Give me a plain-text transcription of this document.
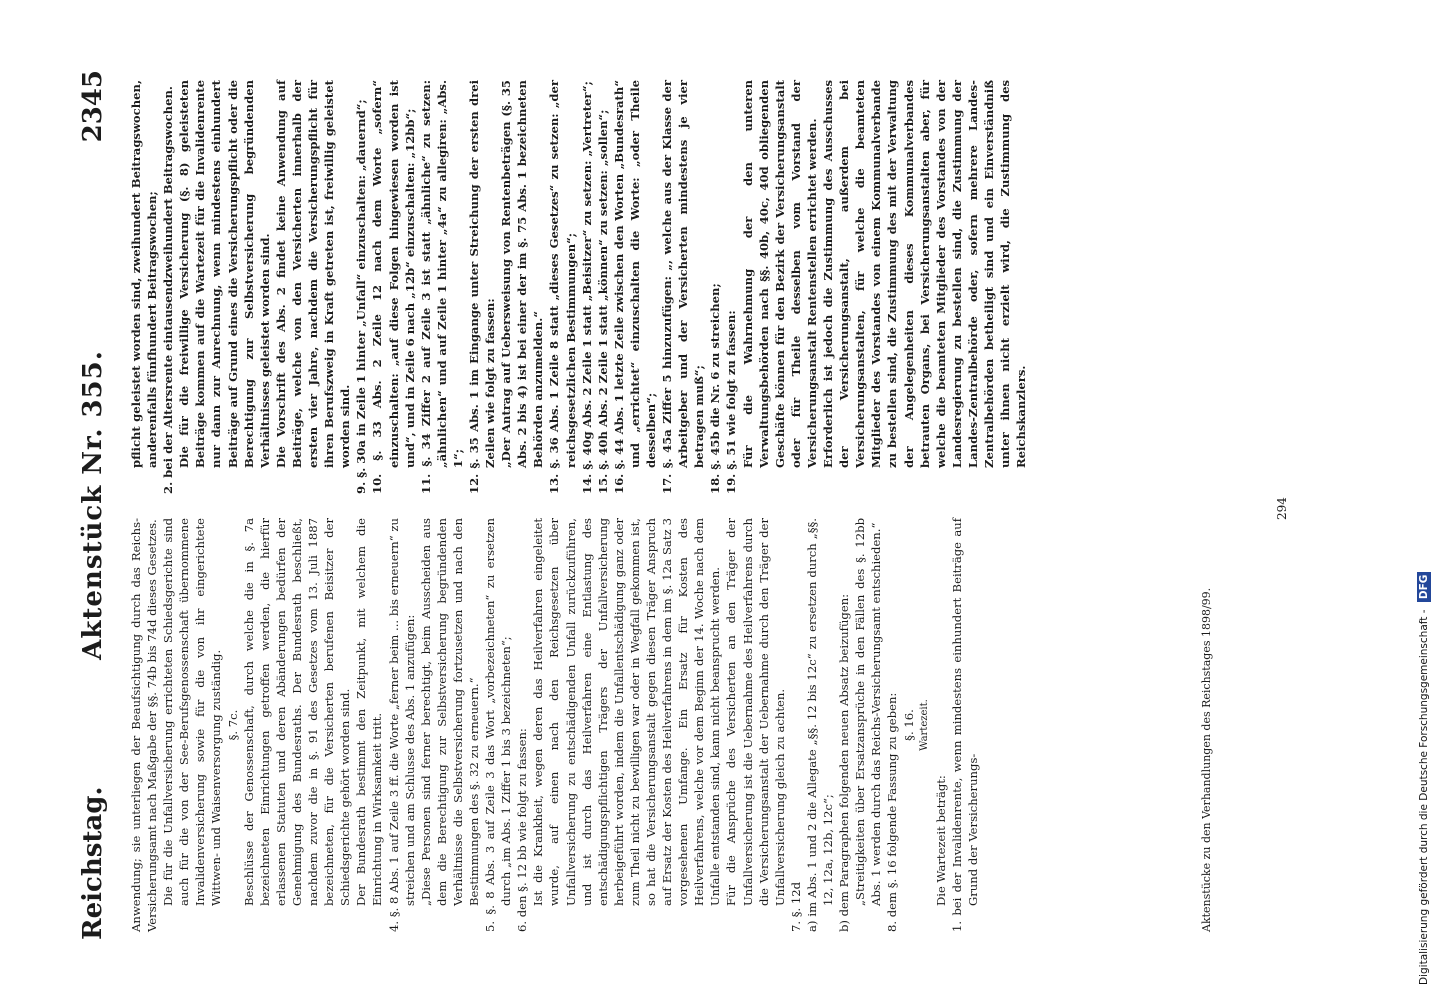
Reichstag.
Aktenstück Nr. 355.
2345

Anwendung; sie unterliegen der Beaufsichtigung durch das Reichs-Versicherungsamt nach Maßgabe der §§. 74b bis 74d dieses Gesetzes. Die für die Unfallversicherung errichteten Schiedsgerichte sind auch für die von der See-Berufsgenossenschaft übernommene Invalidenversicherung sowie für die von ihr eingerichtete Wittwen- und Waisenversorgung zuständig. §. 7c. Beschlüsse der Genossenschaft, durch welche die in §. 7a bezeichneten Einrichtungen getroffen werden, die hierfür erlassenen Statuten und deren Abänderungen bedürfen der Genehmigung des Bundesraths. Der Bundesrath beschließt, nachdem zuvor die in §. 91 des Gesetzes vom 13. Juli 1887 bezeichneten, für die Versicherten berufenen Beisitzer der Schiedsgerichte gehört worden sind. Der Bundesrath bestimmt den Zeitpunkt, mit welchem die Einrichtung in Wirksamkeit tritt. 4. §. 8 Abs. 1 auf Zeile 3 ff. die Worte „ferner beim ... bis erneuern“ zu streichen und am Schlusse des Abs. 1 anzufügen: „Diese Personen sind ferner berechtigt, beim Ausscheiden aus dem die Berechtigung zur Selbstversicherung begründenden Verhältnisse die Selbstversicherung fortzusetzen und nach den Bestimmungen des §. 32 zu erneuern.“ 5. §. 8 Abs. 3 auf Zeile 3 das Wort „vorbezeichneten“ zu ersetzen durch „im Abs. 1 Ziffer 1 bis 3 bezeichneten“; 6. den §. 12 bb wie folgt zu fassen: Ist die Krankheit, wegen deren das Heilverfahren eingeleitet wurde, auf einen nach den Reichsgesetzen über Unfallversicherung zu entschädigenden Unfall zurückzuführen, und ist durch das Heilverfahren eine Entlastung des entschädigungspflichtigen Trägers der Unfallversicherung herbeigeführt worden, indem die Unfallentschädigung ganz oder zum Theil nicht zu bewilligen war oder in Wegfall gekommen ist, so hat die Versicherungsanstalt gegen diesen Träger Anspruch auf Ersatz der Kosten des Heilverfahrens in dem im §. 12a Satz 3 vorgesehenen Umfange. Ein Ersatz für Kosten des Heilverfahrens, welche vor dem Beginn der 14. Woche nach dem Unfalle entstanden sind, kann nicht beansprucht werden. Für die Ansprüche des Versicherten an den Träger der Unfallversicherung ist die Uebernahme des Heilverfahrens durch die Versicherungsanstalt der Uebernahme durch den Träger der Unfallversicherung gleich zu achten.

7. §. 12d a) im Abs. 1 und 2 die Allegate „§§. 12 bis 12c“ zu ersetzen durch „§§. 12, 12a, 12b, 12c“; b) dem Paragraphen folgenden neuen Absatz beizufügen: „Streitigkeiten über Ersatzansprüche in den Fällen des §. 12bb Abs. 1 werden durch das Reichs-Versicherungsamt entschieden.“ 8. dem §. 16 folgende Fassung zu geben: §. 16. Wartezeit.

Die Wartezeit beträgt: 1. bei der Invalidenrente, wenn mindestens einhundert Beiträge auf Grund der Versicherungs-

pflicht geleistet worden sind, zweihundert Beitragswochen, anderenfalls fünfhundert Beitragswochen; 2. bei der Altersrente eintausendzweihundert Beitragswochen. Die für die freiwillige Versicherung (§. 8) geleisteten Beiträge kommen auf die Wartezeit für die Invalidenrente nur dann zur Anrechnung, wenn mindestens einhundert Beiträge auf Grund eines die Versicherungspflicht oder die Berechtigung zur Selbstversicherung begründenden Verhältnisses geleistet worden sind. Die Vorschrift des Abs. 2 findet keine Anwendung auf Beiträge, welche von den Versicherten innerhalb der ersten vier Jahre, nachdem die Versicherungspflicht für ihren Berufszweig in Kraft getreten ist, freiwillig geleistet worden sind. 9. §. 30a in Zeile 1 hinter „Unfall“ einzuschalten: „dauernd“; 10. §. 33 Abs. 2 Zeile 12 nach dem Worte „sofern“ einzuschalten: „auf diese Folgen hingewiesen worden ist und“, und in Zeile 6 nach „12b“ einzuschalten: „12bb“; 11. §. 34 Ziffer 2 auf Zeile 3 ist statt „ähnliche“ zu setzen: „ähnlichen“ und auf Zeile 1 hinter „4a“ zu allegiren: „Abs. 1“; 12. §. 35 Abs. 1 im Eingange unter Streichung der ersten drei Zeilen wie folgt zu fassen: „Der Antrag auf Uebersweisung von Rentenbeträgen (§. 35 Abs. 2 bis 4) ist bei einer der im §. 75 Abs. 1 bezeichneten Behörden anzumelden.“ 13. §. 36 Abs. 1 Zeile 8 statt „dieses Gesetzes“ zu setzen: „der reichsgesetzlichen Bestimmungen“; 14. §. 40g Abs. 2 Zeile 1 statt „Beisitzer“ zu setzen: „Vertreter“; 15. §. 40h Abs. 2 Zeile 1 statt „können“ zu setzen: „sollen“; 16. §. 44 Abs. 1 letzte Zeile zwischen den Worten „Bundesrath“ und „errichtet“ einzuschalten die Worte: „oder Theile desselben“; 17. §. 45a Ziffer 5 hinzuzufügen: „, welche aus der Klasse der Arbeitgeber und der Versicherten mindestens je vier betragen muß“; 18. §. 45b die Nr. 6 zu streichen; 19. §. 51 wie folgt zu fassen: Für die Wahrnehmung der den unteren Verwaltungsbehörden nach §§. 40b, 40c, 40d obliegenden Geschäfte können für den Bezirk der Versicherungsanstalt oder für Theile desselben vom Vorstand der Versicherungsanstalt Rentenstellen errichtet werden. Erforderlich ist jedoch die Zustimmung des Ausschusses der Versicherungsanstalt, außerdem bei Versicherungsanstalten, für welche die beamteten Mitglieder des Vorstandes von einem Kommunalverbande zu bestellen sind, die Zustimmung des mit der Verwaltung der Angelegenheiten dieses Kommunalverbandes betrauten Organs, bei Versicherungsanstalten aber, für welche die beamteten Mitglieder des Vorstandes von der Landesregierung zu bestellen sind, die Zustimmung der Landes-Zentralbehörde oder, sofern mehrere Landes-Zentralbehörden betheiligt sind und ein Einverständniß unter ihnen nicht erzielt wird, die Zustimmung des Reichskanzlers.

Aktenstücke zu den Verhandlungen des Reichstages 1898/99.
294
Digitalisierung gefördert durch die Deutsche Forschungsgemeinschaft - DFG
